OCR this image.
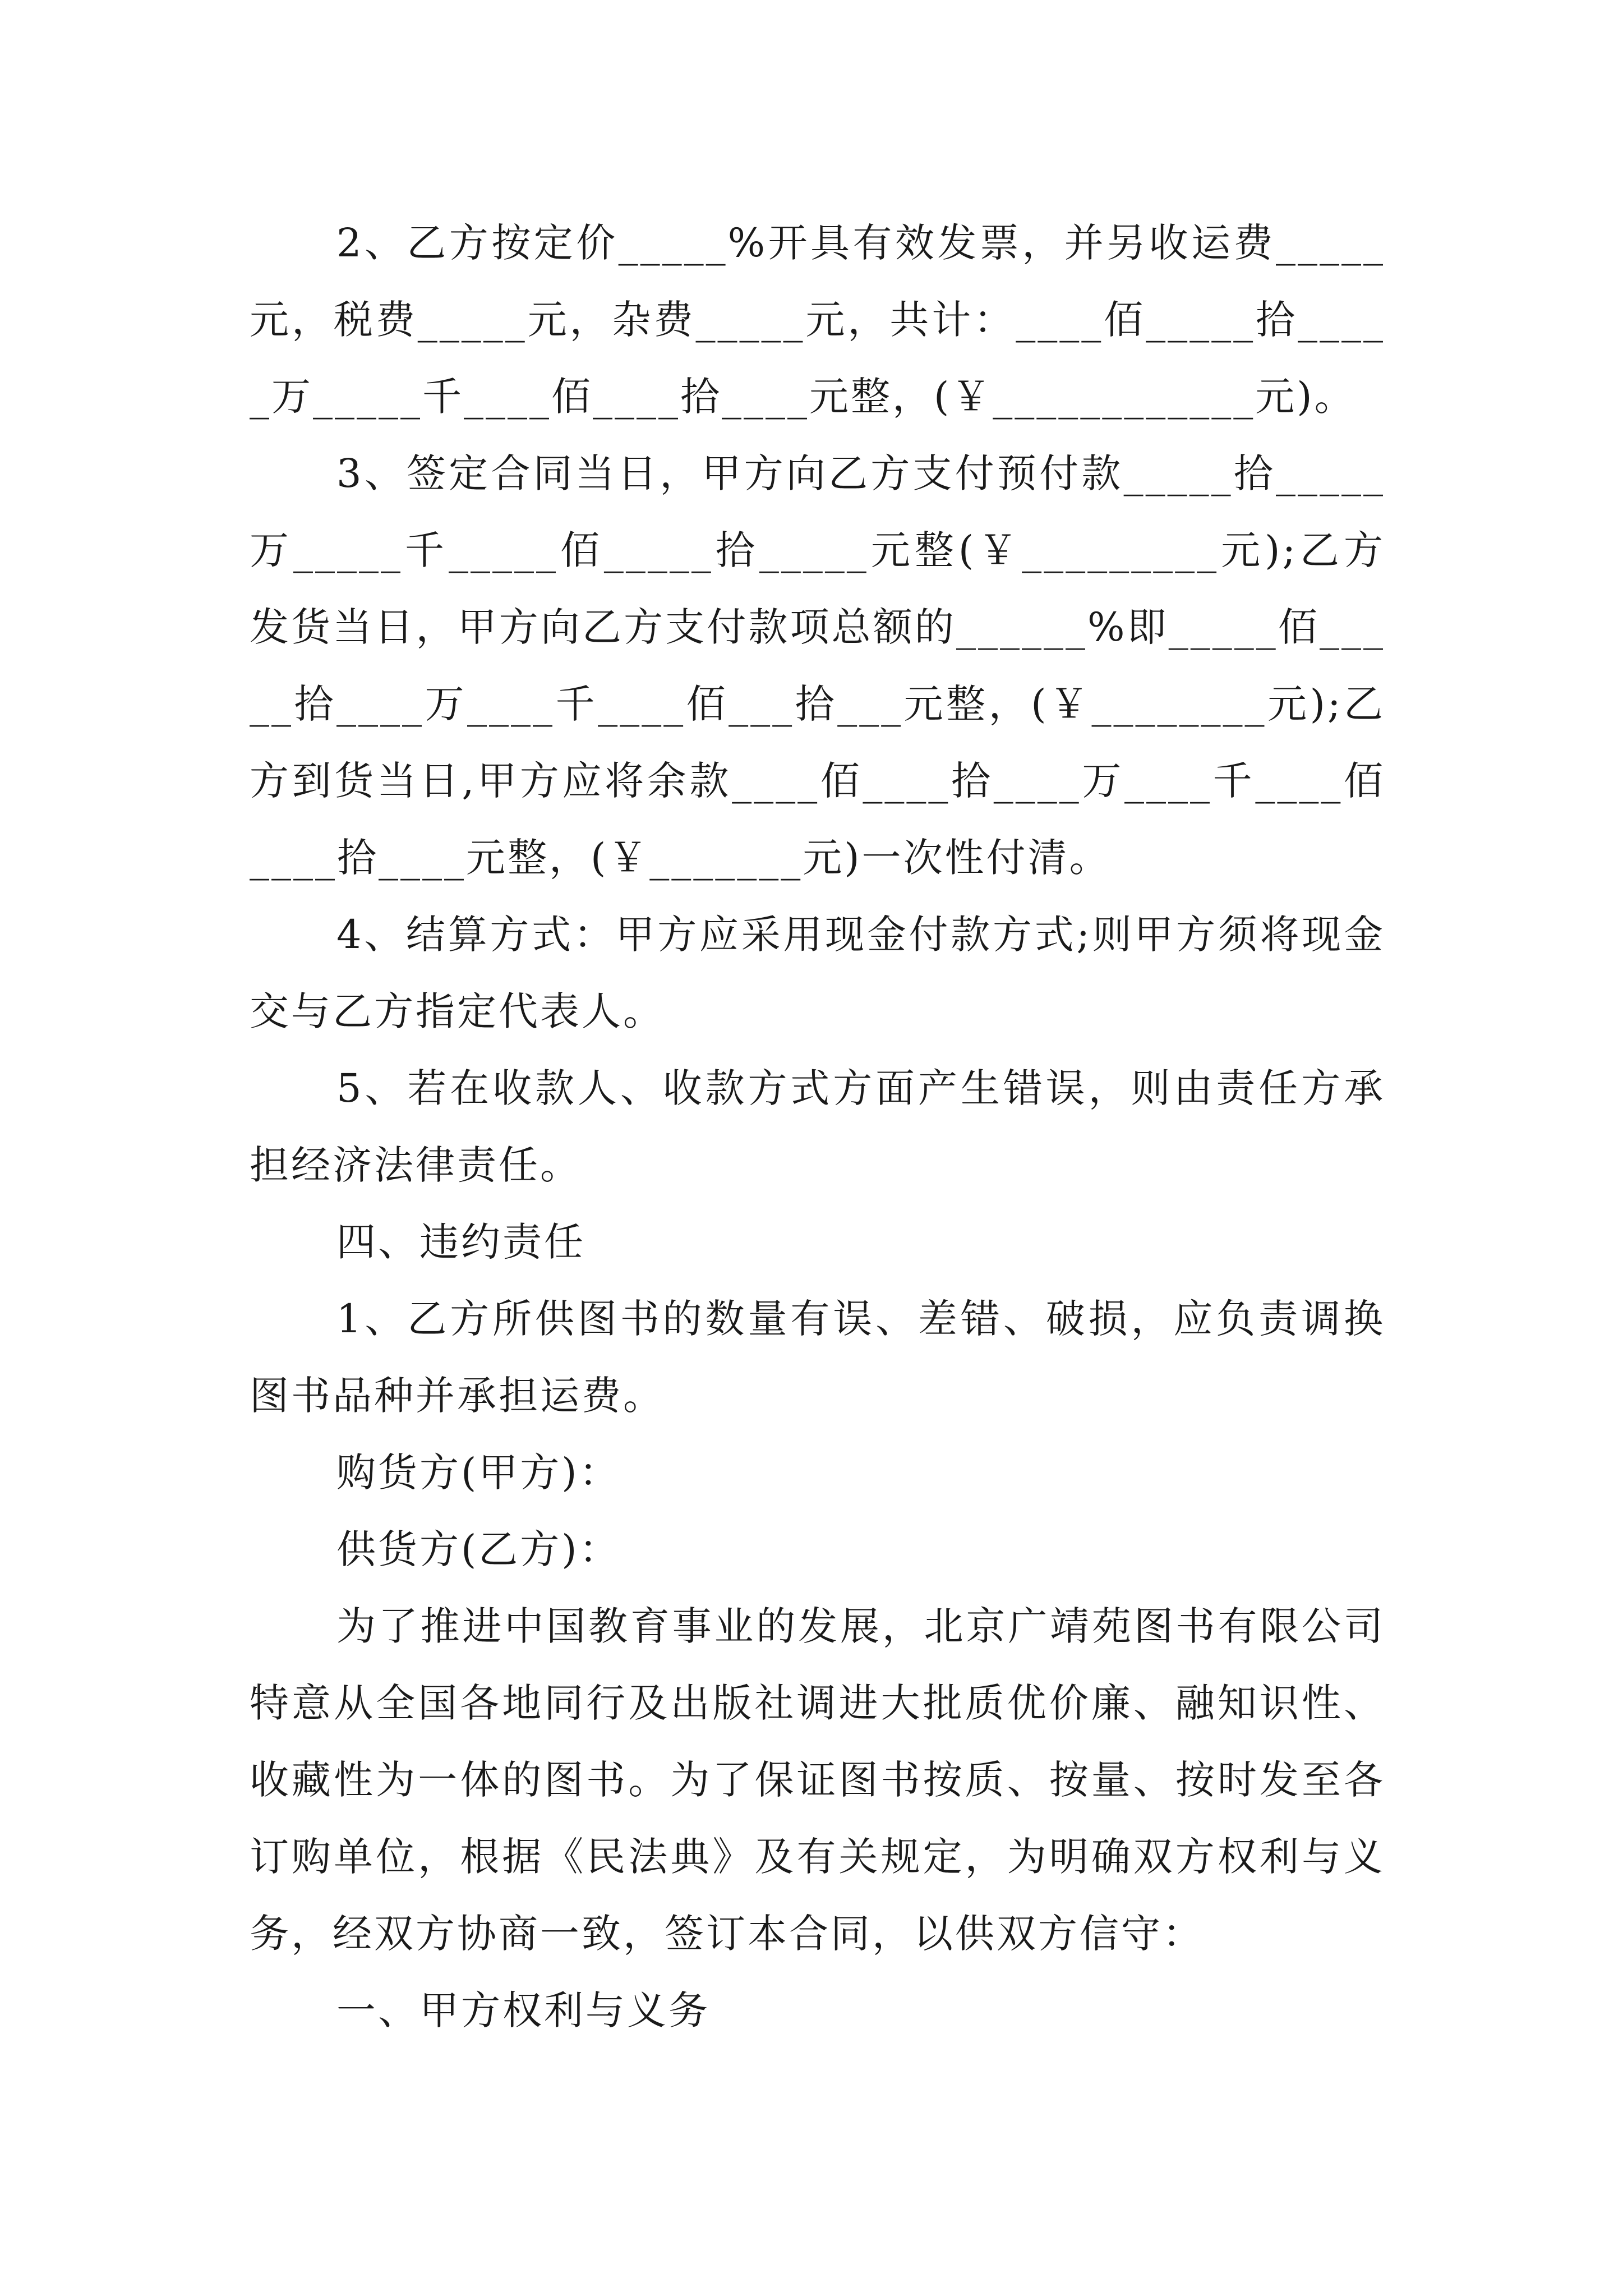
2、乙方按定价_____%开具有效发票，并另收运费_____元，税费_____元，杂费_____元，共计：____佰_____拾_____万_____千____佰____拾____元整，(￥____________元)。

3、签定合同当日，甲方向乙方支付预付款_____拾_____万_____千_____佰_____拾_____元整(￥_________元);乙方发货当日，甲方向乙方支付款项总额的______%即_____佰_____拾____万____千____佰___拾___元整，(￥________元);乙方到货当日,甲方应将余款____佰____拾____万____千____佰____拾____元整，(￥_______元)一次性付清。

4、结算方式：甲方应采用现金付款方式;则甲方须将现金交与乙方指定代表人。

5、若在收款人、收款方式方面产生错误，则由责任方承担经济法律责任。

四、违约责任

1、乙方所供图书的数量有误、差错、破损，应负责调换图书品种并承担运费。

购货方(甲方)：

供货方(乙方)：

为了推进中国教育事业的发展，北京广靖苑图书有限公司特意从全国各地同行及出版社调进大批质优价廉、融知识性、收藏性为一体的图书。为了保证图书按质、按量、按时发至各订购单位，根据《民法典》及有关规定，为明确双方权利与义务，经双方协商一致，签订本合同，以供双方信守：

一、甲方权利与义务
